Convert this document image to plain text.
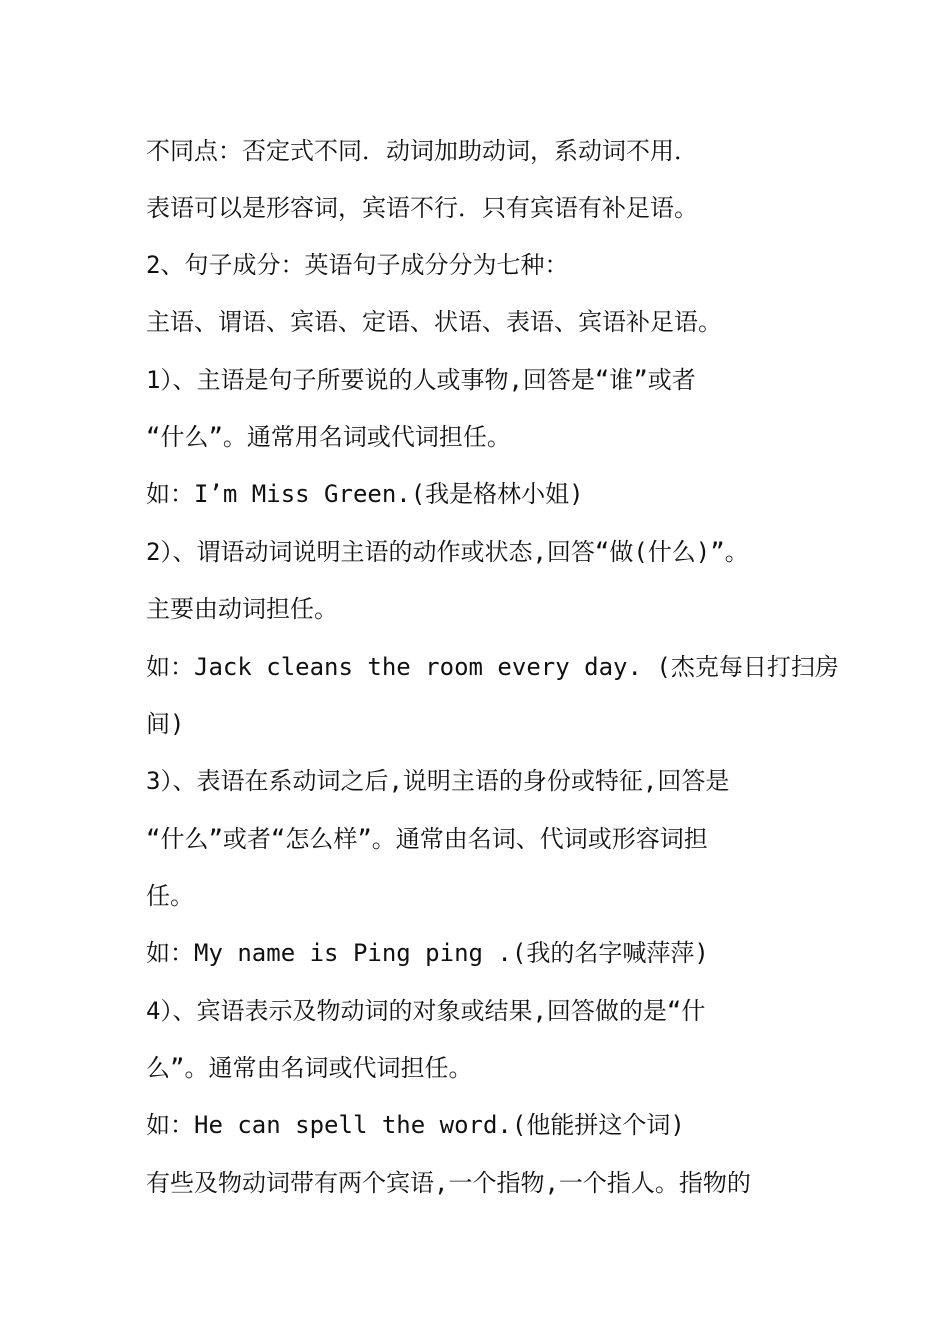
不同点：否定式不同．动词加助动词，系动词不用．
表语可以是形容词，宾语不行．只有宾语有补足语。
2、句子成分：英语句子成分分为七种：
主语、谓语、宾语、定语、状语、表语、宾语补足语。
1）、主语是句子所要说的人或事物,回答是“谁”或者
“什么”。通常用名词或代词担任。
如：I’m Miss Green.(我是格林小姐)
2）、谓语动词说明主语的动作或状态,回答“做(什么)”。
主要由动词担任。
如：Jack cleans the room every day. (杰克每日打扫房
间)
3）、表语在系动词之后,说明主语的身份或特征,回答是
“什么”或者“怎么样”。通常由名词、代词或形容词担
任。
如：My name is Ping ping .(我的名字喊萍萍)
4）、宾语表示及物动词的对象或结果,回答做的是“什
么”。通常由名词或代词担任。
如：He can spell the word.(他能拼这个词)
有些及物动词带有两个宾语,一个指物,一个指人。指物的
